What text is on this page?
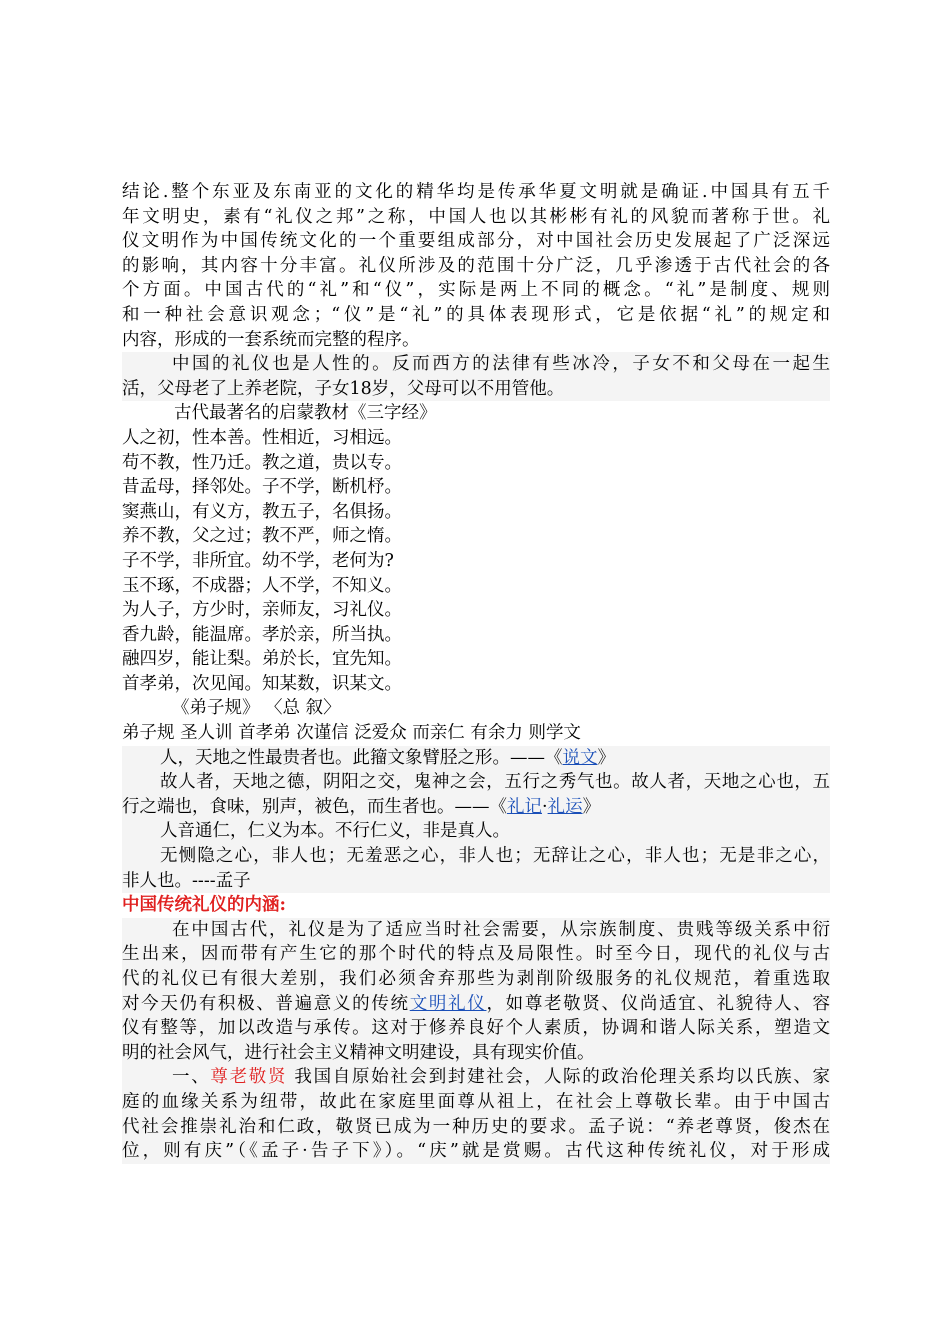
结论.整个东亚及东南亚的文化的精华均是传承华夏文明就是确证.中国具有五千
年文明史，素有“礼仪之邦”之称，中国人也以其彬彬有礼的风貌而著称于世。礼
仪文明作为中国传统文化的一个重要组成部分，对中国社会历史发展起了广泛深远
的影响，其内容十分丰富。礼仪所涉及的范围十分广泛，几乎渗透于古代社会的各
个方面。中国古代的“礼”和“仪”，实际是两上不同的概念。“礼”是制度、规则
和一种社会意识观念；“仪”是“礼”的具体表现形式，它是依据“礼”的规定和
内容，形成的一套系统而完整的程序。
中国的礼仪也是人性的。反而西方的法律有些冰冷，子女不和父母在一起生
活，父母老了上养老院，子女18岁，父母可以不用管他。
古代最著名的启蒙教材《三字经》
人之初，性本善。性相近，习相远。
苟不教，性乃迁。教之道，贵以专。
昔孟母，择邻处。子不学，断机杼。
窦燕山，有义方，教五子，名俱扬。
养不教，父之过；教不严，师之惰。
子不学，非所宜。幼不学，老何为?
玉不琢，不成器；人不学，不知义。
为人子，方少时，亲师友，习礼仪。
香九龄，能温席。孝於亲，所当执。
融四岁，能让梨。弟於长，宜先知。
首孝弟，次见闻。知某数，识某文。
《弟子规》 〈总 叙〉
弟子规 圣人训 首孝弟 次谨信 泛爱众 而亲仁 有余力 则学文
人，天地之性最贵者也。此籀文象臂胫之形。——《说文》
故人者，天地之德，阴阳之交，鬼神之会，五行之秀气也。故人者，天地之心也，五
行之端也，食味，别声，被色，而生者也。——《礼记·礼运》
人音通仁，仁义为本。不行仁义，非是真人。
无恻隐之心，非人也；无羞恶之心，非人也；无辞让之心，非人也；无是非之心，
非人也。----孟子
中国传统礼仪的内涵:
在中国古代，礼仪是为了适应当时社会需要，从宗族制度、贵贱等级关系中衍
生出来，因而带有产生它的那个时代的特点及局限性。时至今日，现代的礼仪与古
代的礼仪已有很大差别，我们必须舍弃那些为剥削阶级服务的礼仪规范，着重选取
对今天仍有积极、普遍意义的传统文明礼仪，如尊老敬贤、仪尚适宜、礼貌待人、容
仪有整等，加以改造与承传。这对于修养良好个人素质，协调和谐人际关系，塑造文
明的社会风气，进行社会主义精神文明建设，具有现实价值。
一、尊老敬贤 我国自原始社会到封建社会，人际的政治伦理关系均以氏族、家
庭的血缘关系为纽带，故此在家庭里面尊从祖上，在社会上尊敬长辈。由于中国古
代社会推崇礼治和仁政，敬贤已成为一种历史的要求。孟子说：“养老尊贤，俊杰在
位，则有庆”（《孟子·告子下》）。“庆”就是赏赐。古代这种传统礼仪，对于形成
